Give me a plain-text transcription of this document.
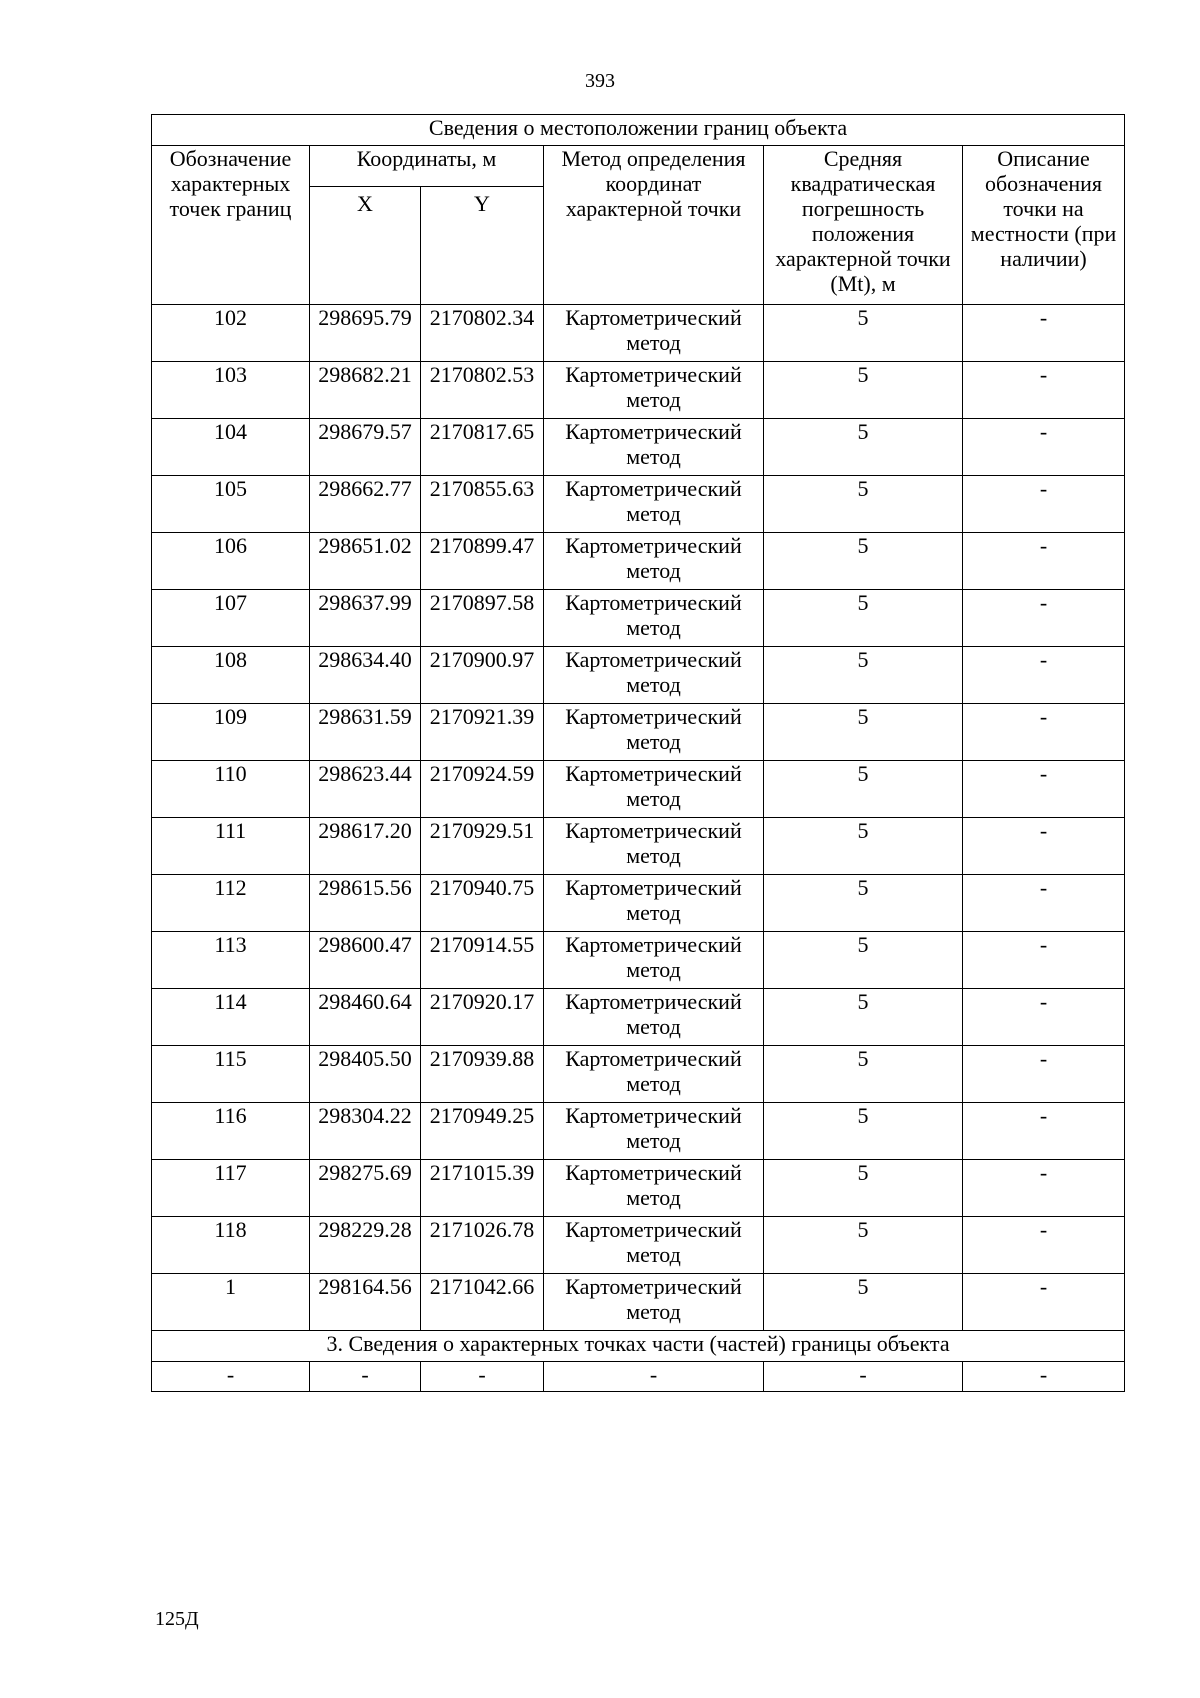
393
Сведения о местоположении границ объекта					
Обозначение характерных точек границ	Координаты, м		Метод определения координат характерной точки	Средняя квадратическая погрешность положения характерной точки (Mt), м	Описание обозначения точки на местности (при наличии)
	X	Y			
102	298695.79	2170802.34	Картометрический метод	5	-
103	298682.21	2170802.53	Картометрический метод	5	-
104	298679.57	2170817.65	Картометрический метод	5	-
105	298662.77	2170855.63	Картометрический метод	5	-
106	298651.02	2170899.47	Картометрический метод	5	-
107	298637.99	2170897.58	Картометрический метод	5	-
108	298634.40	2170900.97	Картометрический метод	5	-
109	298631.59	2170921.39	Картометрический метод	5	-
110	298623.44	2170924.59	Картометрический метод	5	-
111	298617.20	2170929.51	Картометрический метод	5	-
112	298615.56	2170940.75	Картометрический метод	5	-
113	298600.47	2170914.55	Картометрический метод	5	-
114	298460.64	2170920.17	Картометрический метод	5	-
115	298405.50	2170939.88	Картометрический метод	5	-
116	298304.22	2170949.25	Картометрический метод	5	-
117	298275.69	2171015.39	Картометрический метод	5	-
118	298229.28	2171026.78	Картометрический метод	5	-
1	298164.56	2171042.66	Картометрический метод	5	-
3. Сведения о характерных точках части (частей) границы объекта					
-	-	-	-	-	-
125Д
